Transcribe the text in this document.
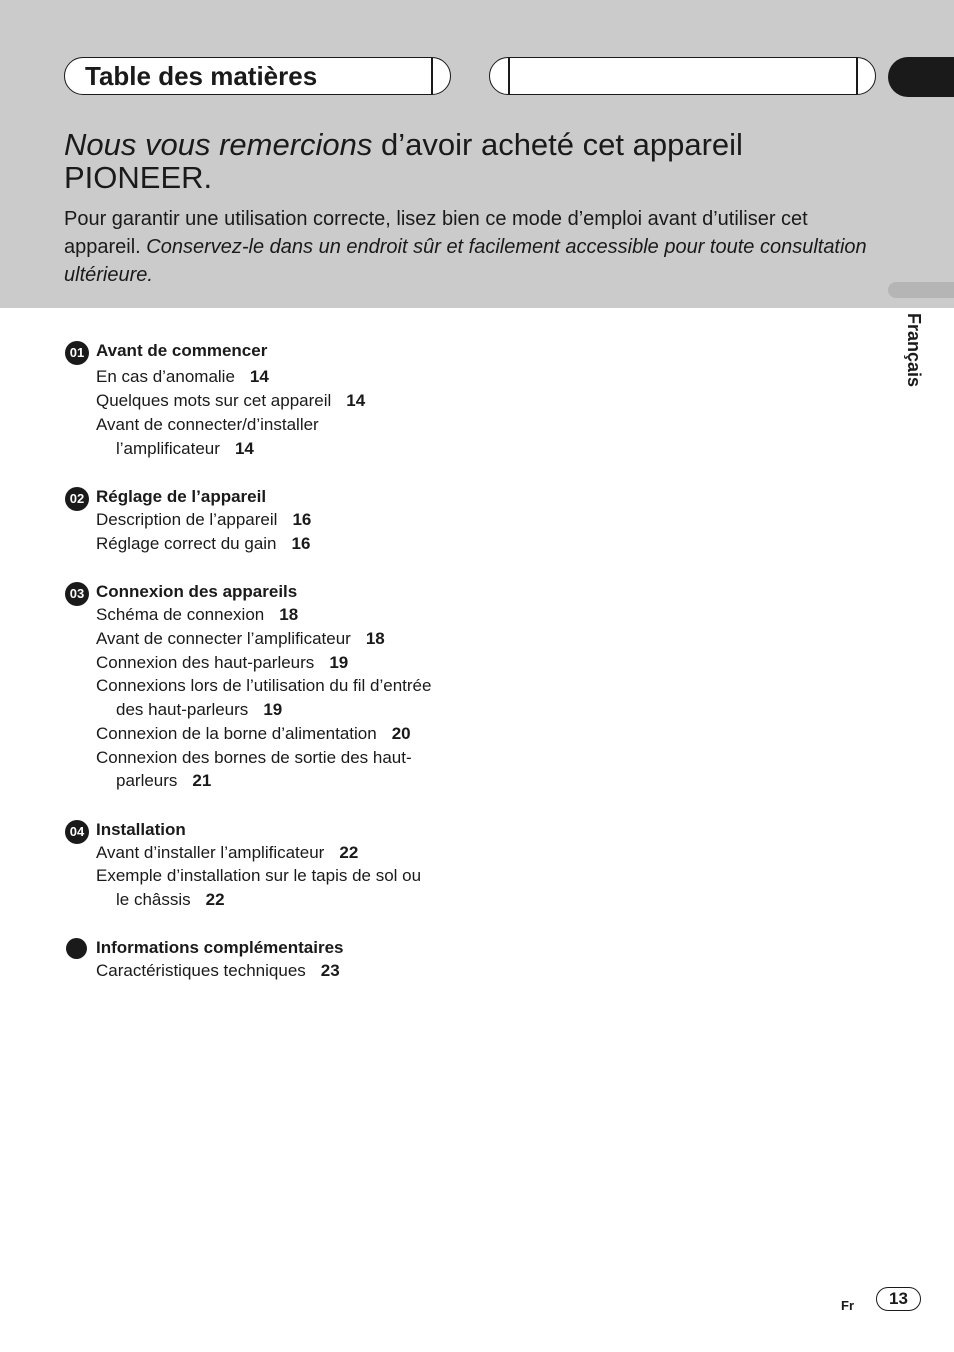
Table des matières
Français
Nous vous remercions d’avoir acheté cet appareil PIONEER.
Pour garantir une utilisation correcte, lisez bien ce mode d’emploi avant d’utiliser cet appareil. Conservez-le dans un endroit sûr et facilement accessible pour toute consultation ultérieure.
01 Avant de commencer
En cas d’anomalie 14
Quelques mots sur cet appareil 14
Avant de connecter/d’installer
l’amplificateur 14
02 Réglage de l’appareil
Description de l’appareil 16
Réglage correct du gain 16
03 Connexion des appareils
Schéma de connexion 18
Avant de connecter l’amplificateur 18
Connexion des haut-parleurs 19
Connexions lors de l’utilisation du fil d’entrée
des haut-parleurs 19
Connexion de la borne d’alimentation 20
Connexion des bornes de sortie des haut-
parleurs 21
04 Installation
Avant d’installer l’amplificateur 22
Exemple d’installation sur le tapis de sol ou
le châssis 22
Informations complémentaires
Caractéristiques techniques 23
Fr	13
